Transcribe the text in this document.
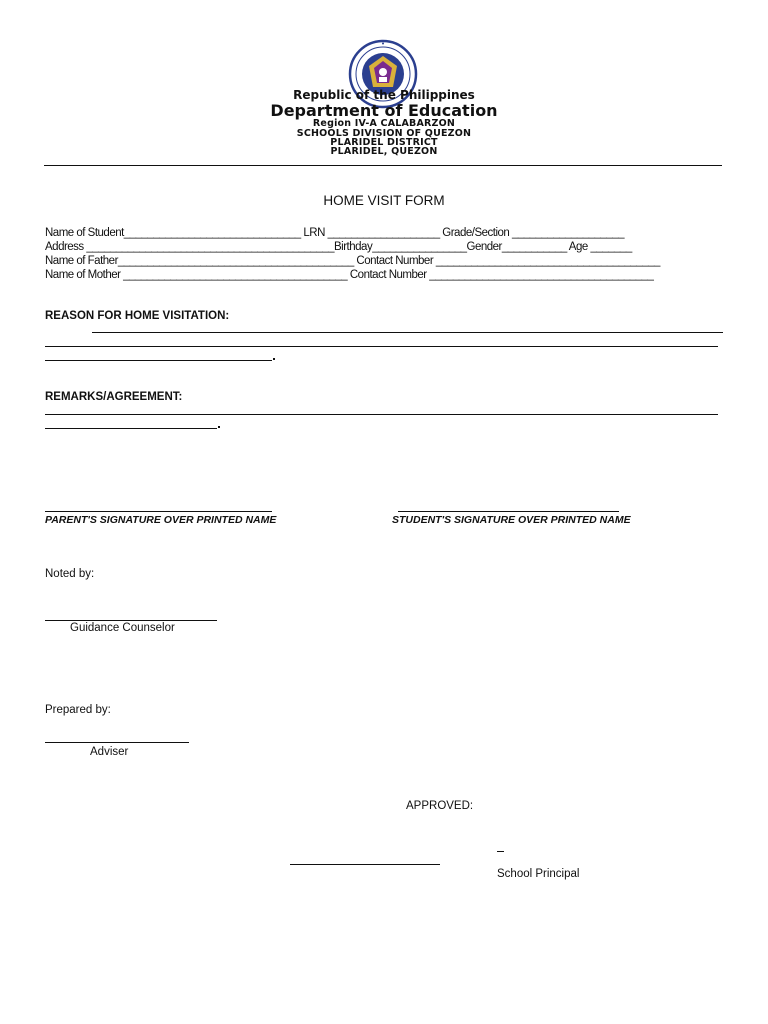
Republic of the Philippines
Department of Education
Region IV-A CALABARZON
SCHOOLS DIVISION OF QUEZON
PLARIDEL DISTRICT
PLARIDEL, QUEZON
HOME VISIT FORM
Name of Student______________________________ LRN ___________________ Grade/Section ___________________
Address __________________________________________Birthday________________Gender___________ Age _______
Name of Father________________________________________ Contact Number ______________________________________
Name of Mother ______________________________________ Contact Number ______________________________________
REASON FOR HOME VISITATION:
REMARKS/AGREEMENT:
PARENT'S SIGNATURE OVER PRINTED NAME	STUDENT'S SIGNATURE OVER PRINTED NAME
Noted by:
Guidance Counselor
Prepared by:
Adviser
APPROVED:
School Principal
